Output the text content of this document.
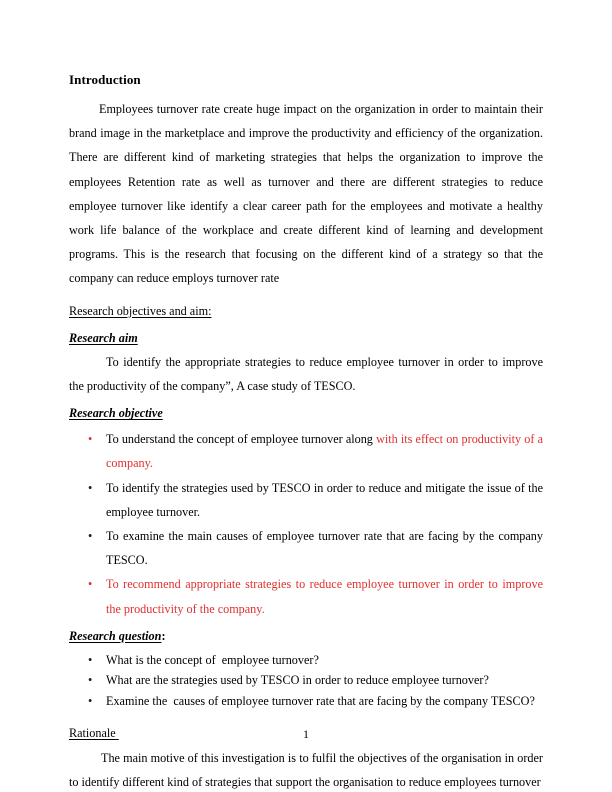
Introduction

Employees turnover rate create huge impact on the organization in order to maintain their brand image in the marketplace and improve the productivity and efficiency of the organization. There are different kind of marketing strategies that helps the organization to improve the employees Retention rate as well as turnover and there are different strategies to reduce employee turnover like identify a clear career path for the employees and motivate a healthy work life balance of the workplace and create different kind of learning and development programs. This is the research that focusing on the different kind of a strategy so that the company can reduce employs turnover rate

Research objectives and aim:
Research aim

To identify the appropriate strategies to reduce employee turnover in order to improve the productivity of the company”, A case study of TESCO.

Research objective
• To understand the concept of employee turnover along with its effect on productivity of a company.
• To identify the strategies used by TESCO in order to reduce and mitigate the issue of the employee turnover.
• To examine the main causes of employee turnover rate that are facing by the company TESCO.
• To recommend appropriate strategies to reduce employee turnover in order to improve the productivity of the company.
Research question:
• What is the concept of  employee turnover?
• What are the strategies used by TESCO in order to reduce employee turnover?
• Examine the  causes of employee turnover rate that are facing by the company TESCO?
Rationale

The main motive of this investigation is to fulfil the objectives of the organisation in order to identify different kind of strategies that support the organisation to reduce employees turnover

1
